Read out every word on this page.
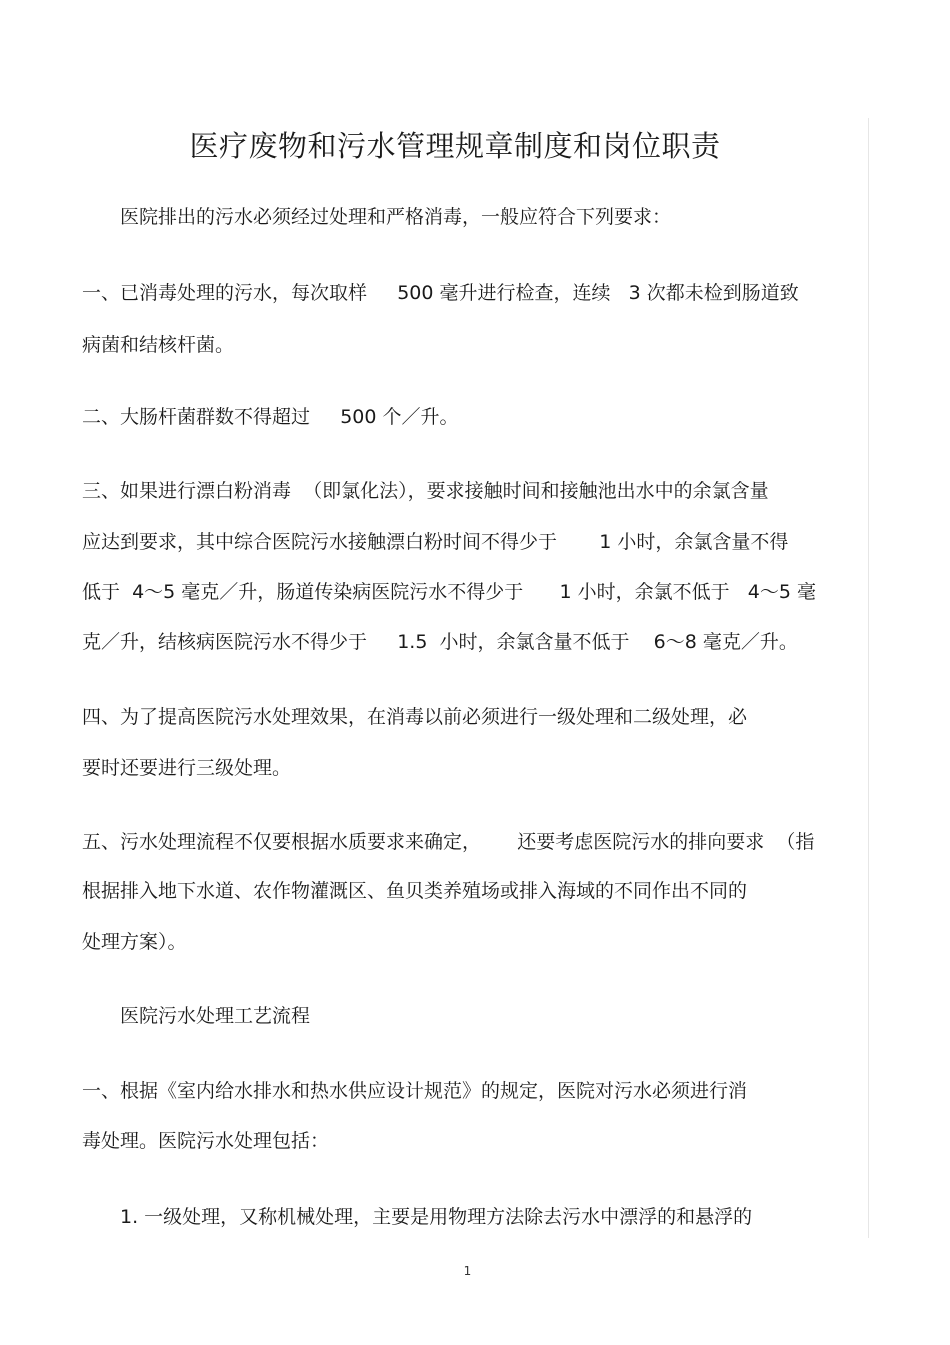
医疗废物和污水管理规章制度和岗位职责
医院排出的污水必须经过处理和严格消毒，一般应符合下列要求：
一、已消毒处理的污水，每次取样     500 毫升进行检查，连续   3 次都未检到肠道致
病菌和结核杆菌。
二、大肠杆菌群数不得超过     500 个／升。
三、如果进行漂白粉消毒  （即氯化法），要求接触时间和接触池出水中的余氯含量
应达到要求，其中综合医院污水接触漂白粉时间不得少于       1 小时，余氯含量不得
低于  4～5 毫克／升，肠道传染病医院污水不得少于      1 小时，余氯不低于   4～5 毫
克／升，结核病医院污水不得少于     1.5  小时，余氯含量不低于    6～8 毫克／升。
四、为了提高医院污水处理效果，在消毒以前必须进行一级处理和二级处理，必
要时还要进行三级处理。
五、污水处理流程不仅要根据水质要求来确定，      还要考虑医院污水的排向要求  （指
根据排入地下水道、农作物灌溉区、鱼贝类养殖场或排入海域的不同作出不同的
处理方案）。
医院污水处理工艺流程
一、根据《室内给水排水和热水供应设计规范》的规定，医院对污水必须进行消
毒处理。医院污水处理包括：
1. 一级处理，又称机械处理，主要是用物理方法除去污水中漂浮的和悬浮的
1
